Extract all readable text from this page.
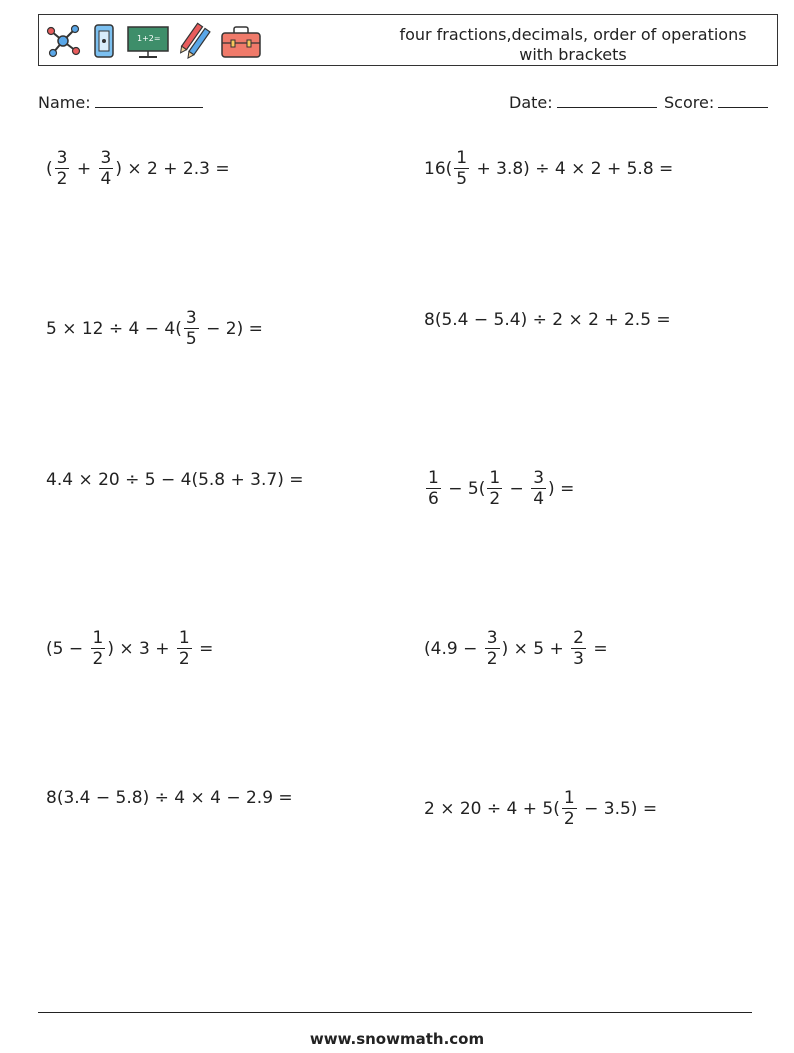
1+2=	four fractions,decimals, order of operations
with brackets
Name:	Date:	Score:
( $\frac{3}{2} + \frac{3}{4}$ ) × 2 + 2.3 =	$16( \frac{1}{5} + 3.8) \div 4 \times 2 + 5.8$ =
$5 \times 12 \div 4 - 4( \frac{3}{5} - 2)$ =	8(5.4 − 5.4) ÷ 2 × 2 + 2.5 =
4.4 × 20 ÷ 5 − 4(5.8 + 3.7) =	$\frac{1}{6} - 5( \frac{1}{2} - \frac{3}{4}$ ) =
($5 - \frac{1}{2}$ ) × $3 + \frac{1}{2}$ =	($4.9 - \frac{3}{2}$ ) × $5 + \frac{2}{3}$ =
8(3.4 − 5.8) ÷ 4 × 4 − 2.9 =
$2 \times 20 \div 4 + 5( \frac{1}{2} - 3.5)$ =
www.snowmath.com
